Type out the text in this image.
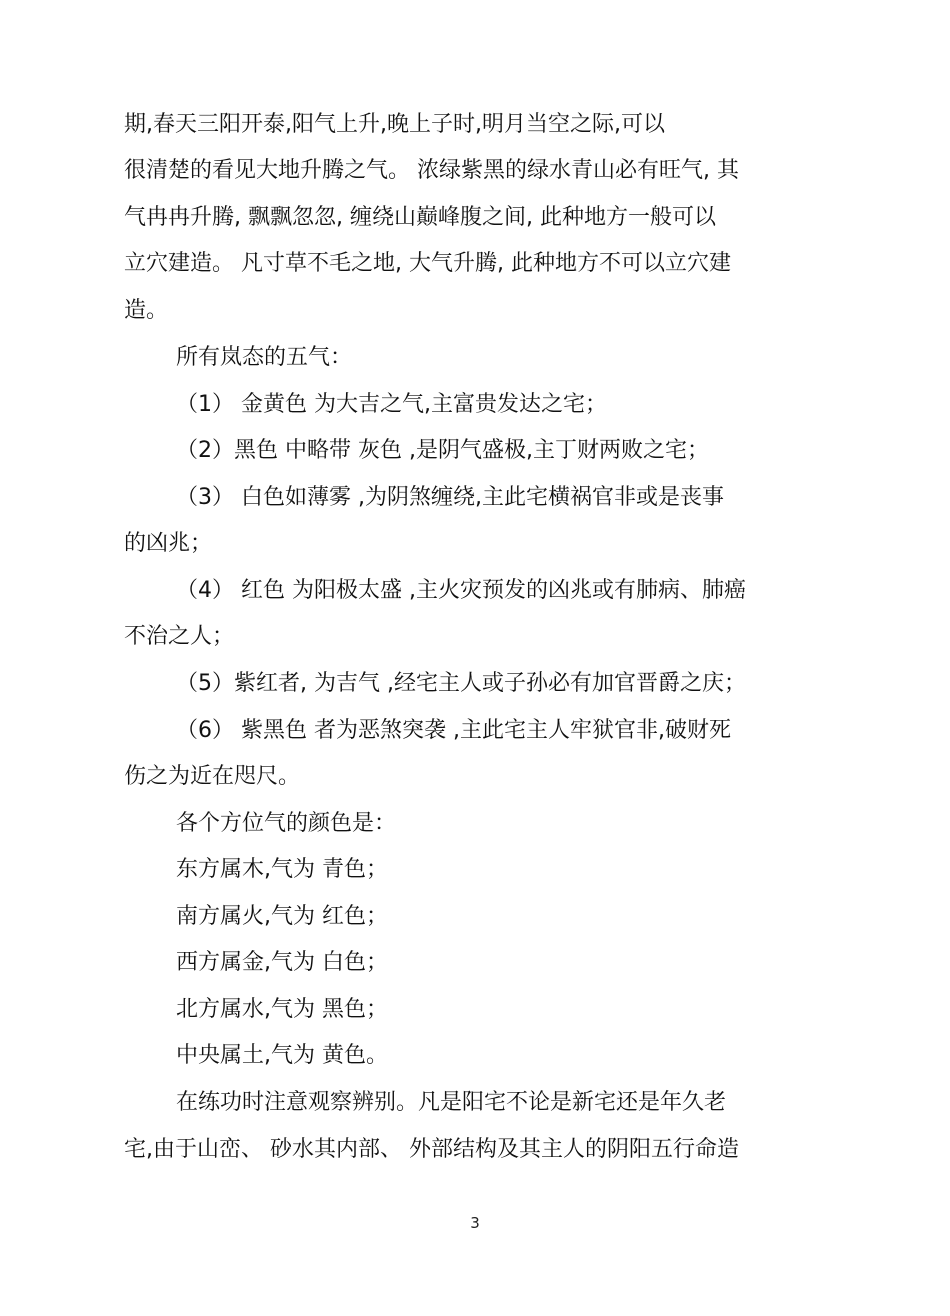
期,春天三阳开泰,阳气上升,晚上子时,明月当空之际,可以
很清楚的看见大地升腾之气。 浓绿紫黑的绿水青山必有旺气, 其
气冉冉升腾, 飘飘忽忽, 缠绕山巅峰腹之间, 此种地方一般可以
立穴建造。 凡寸草不毛之地, 大气升腾, 此种地方不可以立穴建
造。
所有岚态的五气：
（1） 金黄色 为大吉之气,主富贵发达之宅；
（2）黑色 中略带 灰色 ,是阴气盛极,主丁财两败之宅；
（3） 白色如薄雾 ,为阴煞缠绕,主此宅横祸官非或是丧事
的凶兆；
（4） 红色 为阳极太盛 ,主火灾预发的凶兆或有肺病、肺癌
不治之人；
（5）紫红者, 为吉气 ,经宅主人或子孙必有加官晋爵之庆；
（6） 紫黑色 者为恶煞突袭 ,主此宅主人牢狱官非,破财死
伤之为近在咫尺。
各个方位气的颜色是：
东方属木,气为 青色；
南方属火,气为 红色；
西方属金,气为 白色；
北方属水,气为 黑色；
中央属土,气为 黄色。
在练功时注意观察辨别。凡是阳宅不论是新宅还是年久老
宅,由于山峦、 砂水其内部、 外部结构及其主人的阴阳五行命造
3
